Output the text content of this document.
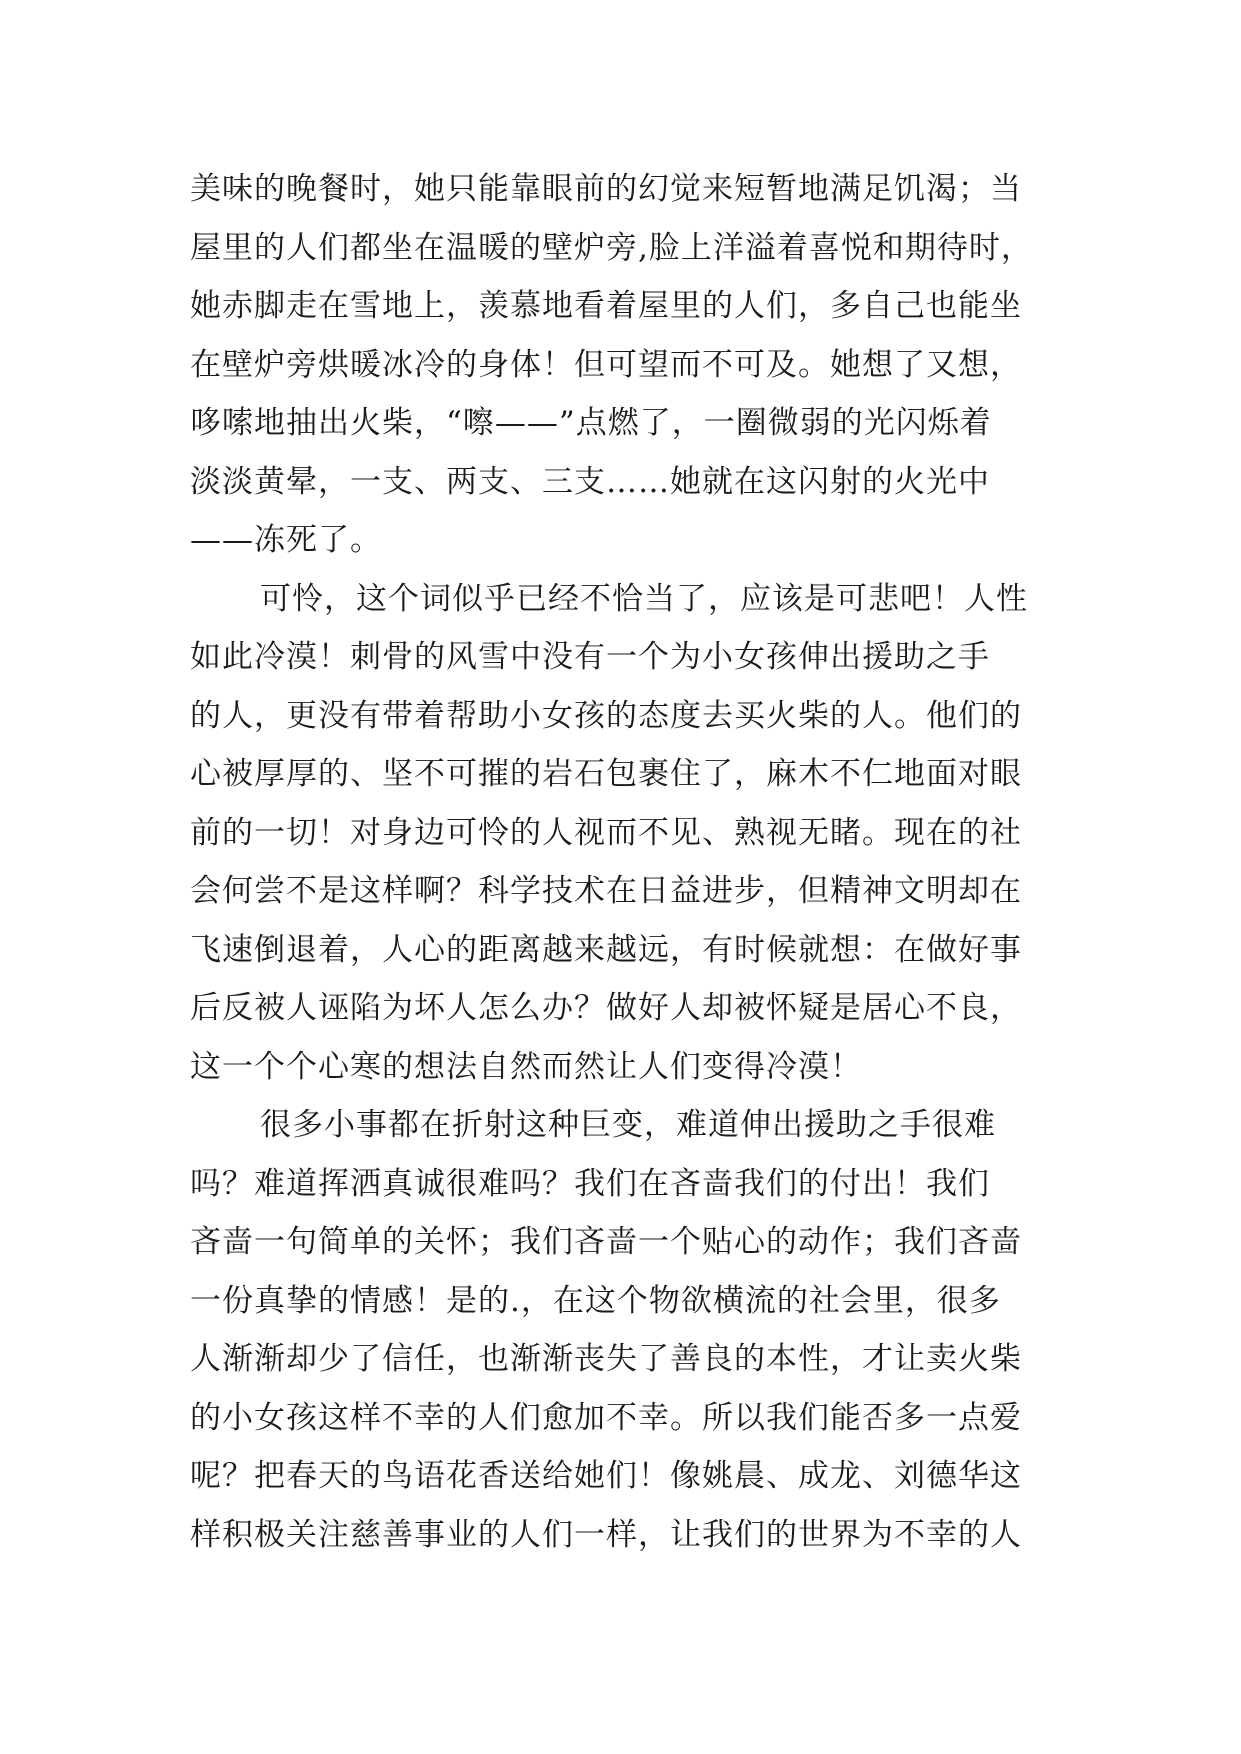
美味的晚餐时，她只能靠眼前的幻觉来短暂地满足饥渴；当
屋里的人们都坐在温暖的壁炉旁,脸上洋溢着喜悦和期待时，
她赤脚走在雪地上，羡慕地看着屋里的人们，多自己也能坐
在壁炉旁烘暖冰冷的身体！但可望而不可及。她想了又想，
哆嗦地抽出火柴，“嚓——”点燃了，一圈微弱的光闪烁着
淡淡黄晕，一支、两支、三支……她就在这闪射的火光中
——冻死了。
可怜，这个词似乎已经不恰当了，应该是可悲吧！人性
如此冷漠！刺骨的风雪中没有一个为小女孩伸出援助之手
的人，更没有带着帮助小女孩的态度去买火柴的人。他们的
心被厚厚的、坚不可摧的岩石包裹住了，麻木不仁地面对眼
前的一切！对身边可怜的人视而不见、熟视无睹。现在的社
会何尝不是这样啊？科学技术在日益进步，但精神文明却在
飞速倒退着，人心的距离越来越远，有时候就想：在做好事
后反被人诬陷为坏人怎么办？做好人却被怀疑是居心不良，
这一个个心寒的想法自然而然让人们变得冷漠！
很多小事都在折射这种巨变，难道伸出援助之手很难
吗？难道挥洒真诚很难吗？我们在吝啬我们的付出！我们
吝啬一句简单的关怀；我们吝啬一个贴心的动作；我们吝啬
一份真挚的情感！是的.，在这个物欲横流的社会里，很多
人渐渐却少了信任，也渐渐丧失了善良的本性，才让卖火柴
的小女孩这样不幸的人们愈加不幸。所以我们能否多一点爱
呢？把春天的鸟语花香送给她们！像姚晨、成龙、刘德华这
样积极关注慈善事业的人们一样，让我们的世界为不幸的人
